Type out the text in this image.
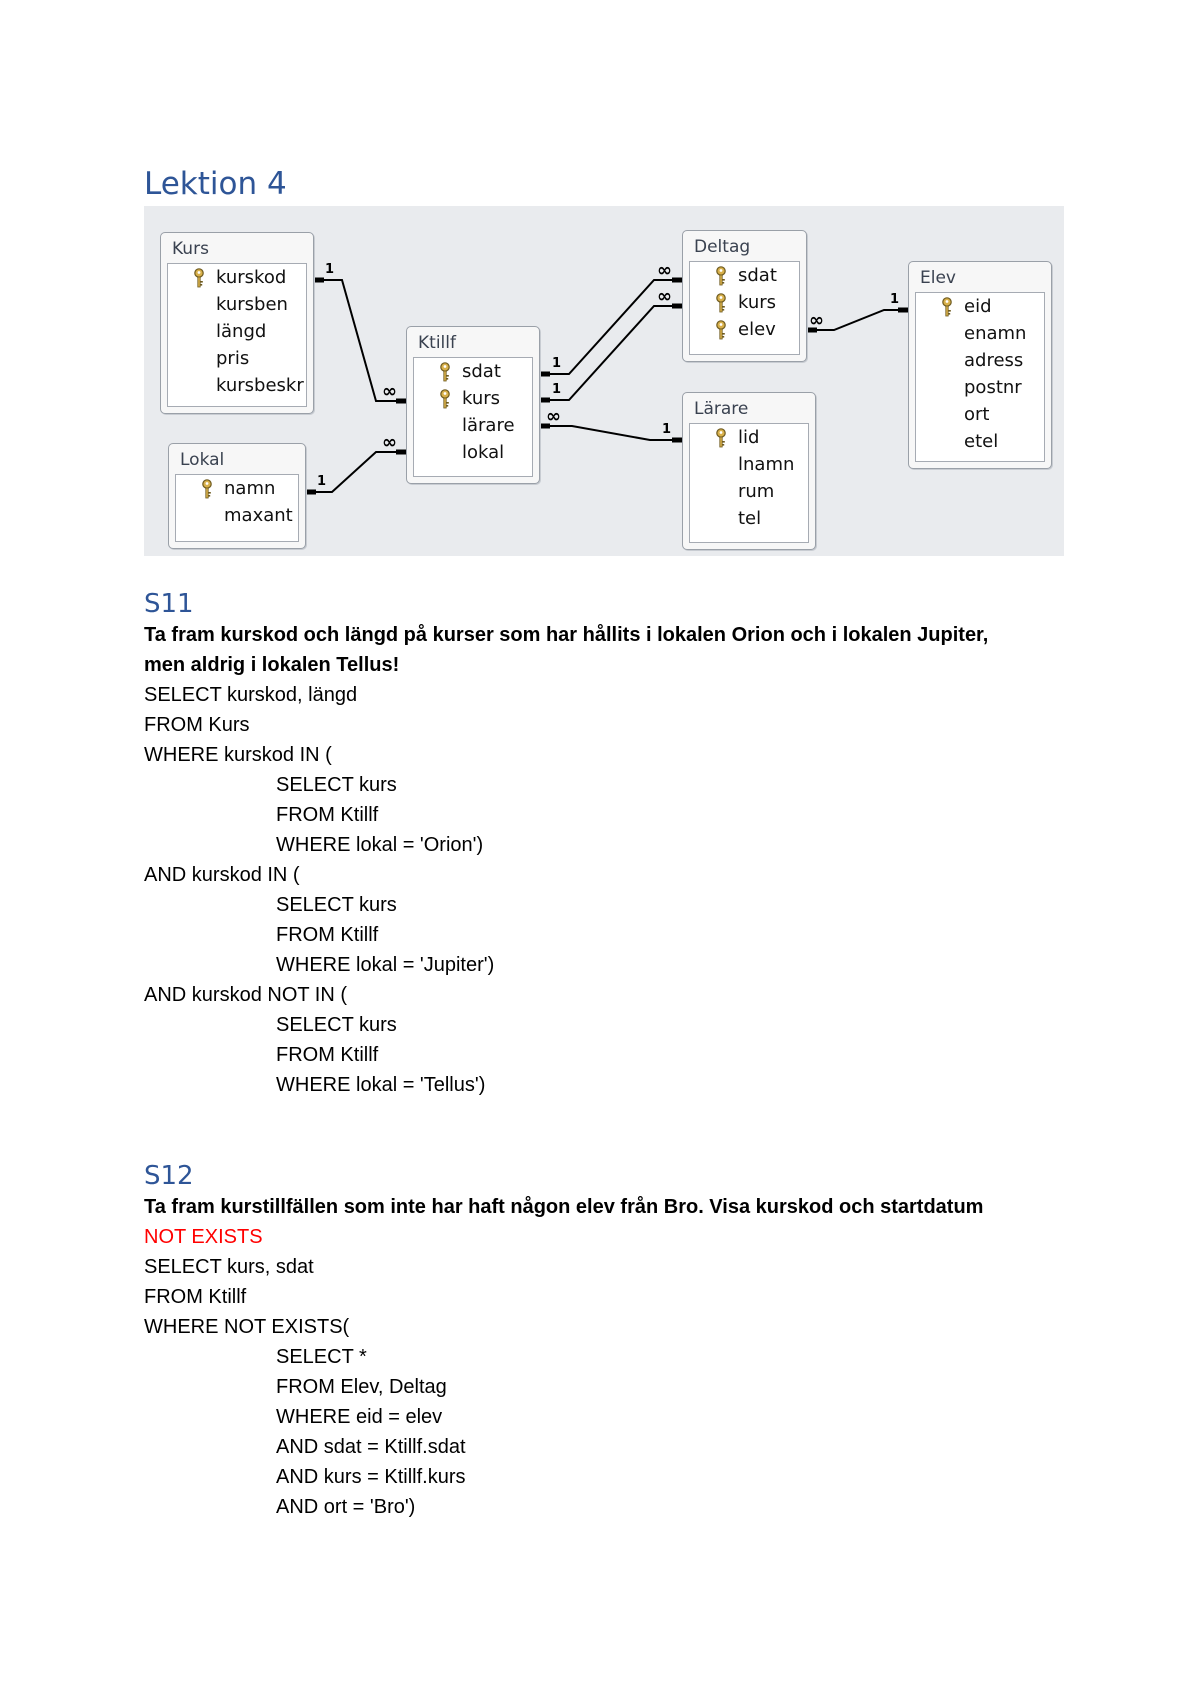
Lektion 4
1
∞
1
∞
1
∞
1
∞
∞
1
∞
1
Kurs
kurskod
kursben
längd
pris
kursbeskr
Lokal
namn
maxant
Ktillf
sdat
kurs
lärare
lokal
Deltag
sdat
kurs
elev
Lärare
lid
lnamn
rum
tel
Elev
eid
enamn
adress
postnr
ort
etel
S11

Ta fram kurskod och längd på kurser som har hållits i lokalen Orion och i lokalen Jupiter,

men aldrig i lokalen Tellus!

SELECT kurskod, längd
FROM Kurs
WHERE kurskod IN (
SELECT kurs
FROM Ktillf
WHERE lokal = 'Orion')
AND kurskod IN (
SELECT kurs
FROM Ktillf
WHERE lokal = 'Jupiter')
AND kurskod NOT IN (
SELECT kurs
FROM Ktillf
WHERE lokal = 'Tellus')
S12

Ta fram kurstillfällen som inte har haft någon elev från Bro. Visa kurskod och startdatum

NOT EXISTS
SELECT kurs, sdat
FROM Ktillf
WHERE NOT EXISTS(
SELECT *
FROM Elev, Deltag
WHERE eid = elev
AND sdat = Ktillf.sdat
AND kurs = Ktillf.kurs
AND ort = 'Bro')
